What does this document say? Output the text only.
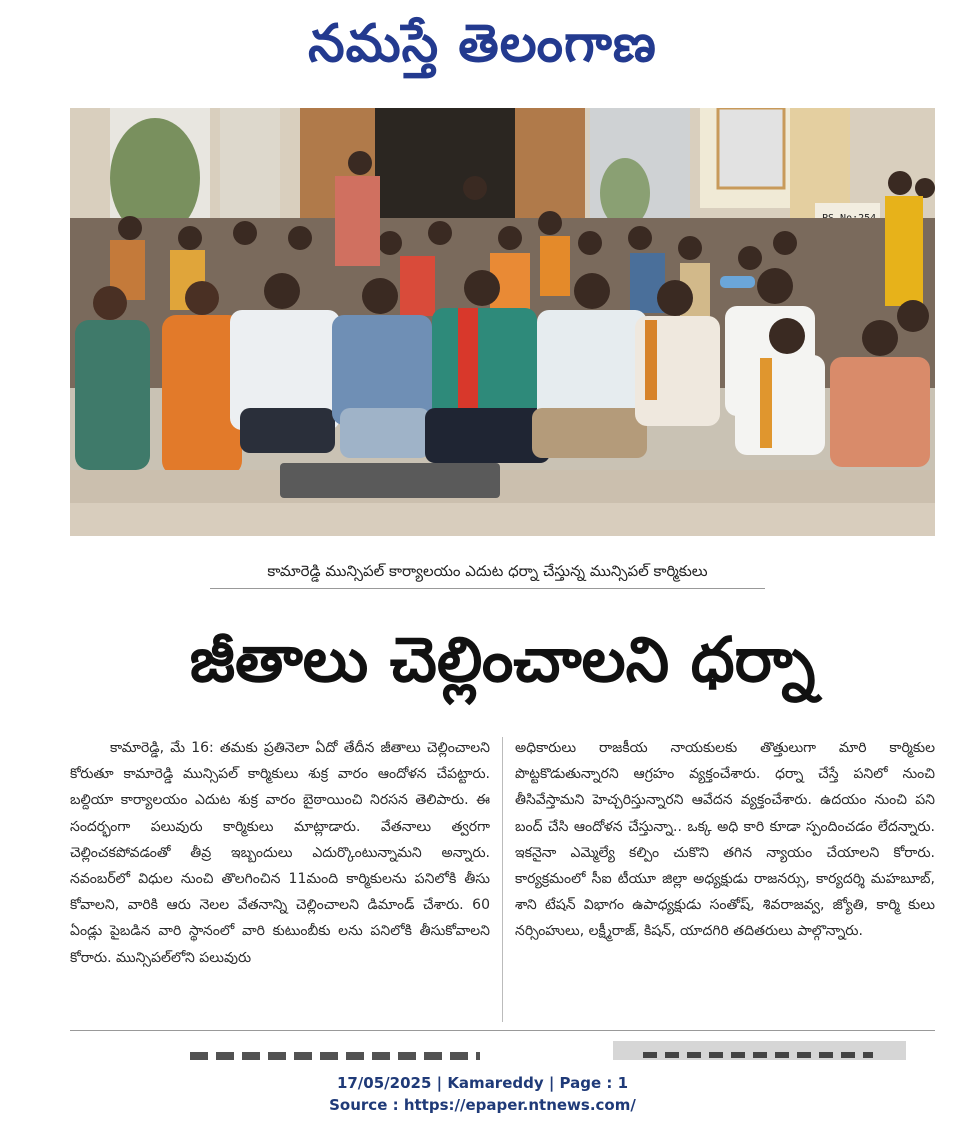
నమస్తే తెలంగాణ
కామారెడ్డి మున్సిపల్ కార్యాలయం ఎదుట ధర్నా చేస్తున్న మున్సిపల్ కార్మికులు
జీతాలు చెల్లించాలని ధర్నా

కామారెడ్డి, మే 16: తమకు ప్రతినెలా ఏదో తేదీన జీతాలు చెల్లించాలని కోరుతూ కామారెడ్డి మున్సిపల్ కార్మికులు శుక్ర వారం ఆందోళన చేపట్టారు. బల్దియా కార్యాలయం ఎదుట శుక్ర వారం బైఠాయించి నిరసన తెలిపారు. ఈ సందర్భంగా పలువురు కార్మికులు మాట్లాడారు. వేతనాలు త్వరగా చెల్లించకపోవడంతో తీవ్ర ఇబ్బందులు ఎదుర్కొంటున్నామని అన్నారు. నవంబర్‌లో విధుల నుంచి తొలగించిన 11మంది కార్మికులను పనిలోకి తీసు కోవాలని, వారికి ఆరు నెలల వేతనాన్ని చెల్లించాలని డిమాండ్ చేశారు. 60 ఏండ్లు పైబడిన వారి స్థానంలో వారి కుటుంబీకు లను పనిలోకి తీసుకోవాలని కోరారు. మున్సిపల్‌లోని పలువురు

అధికారులు రాజకీయ నాయకులకు తొత్తులుగా మారి కార్మికుల పొట్టకొడుతున్నారని ఆగ్రహం వ్యక్తంచేశారు. ధర్నా చేస్తే పనిలో నుంచి తీసివేస్తామని హెచ్చరిస్తున్నారని ఆవేదన వ్యక్తంచేశారు. ఉదయం నుంచి పని బంద్ చేసి ఆందోళన చేస్తున్నా.. ఒక్క అధి కారి కూడా స్పందించడం లేదన్నారు. ఇకనైనా ఎమ్మెల్యే కల్పిం చుకొని తగిన న్యాయం చేయాలని కోరారు. కార్యక్రమంలో సీఐ టీయూ జిల్లా అధ్యక్షుడు రాజనర్సు, కార్యదర్శి మహబూబ్, శాని టేషన్ విభాగం ఉపాధ్యక్షుడు సంతోష్, శివరాజవ్వ, జ్యోతి, కార్మి కులు నర్సింహులు, లక్ష్మీరాజ్, కిషన్, యాదగిరి తదితరులు పాల్గొన్నారు.

17/05/2025 | Kamareddy | Page : 1
Source : https://epaper.ntnews.com/
